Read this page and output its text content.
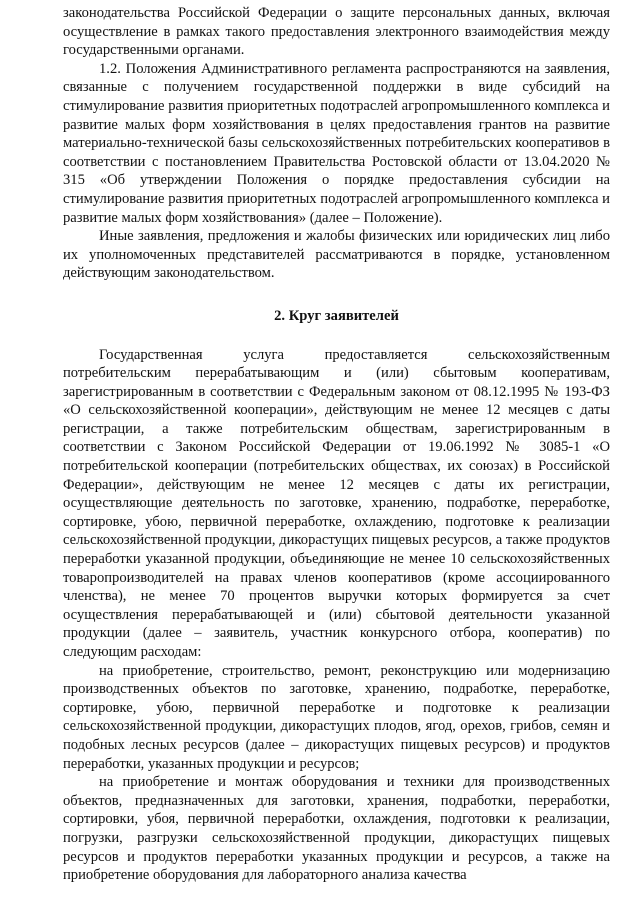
законодательства Российской Федерации о защите персональных данных, включая осуществление в рамках такого предоставления электронного взаимодействия между государственными органами.

1.2. Положения Административного регламента распространяются на заявления, связанные с получением государственной поддержки в виде субсидий на стимулирование развития приоритетных подотраслей агропромышленного комплекса и развитие малых форм хозяйствования в целях предоставления грантов на развитие материально-технической базы сельскохозяйственных потребительских кооперативов в соответствии с постановлением Правительства Ростовской области от 13.04.2020 № 315 «Об утверждении Положения о порядке предоставления субсидии на стимулирование развития приоритетных подотраслей агропромышленного комплекса и развитие малых форм хозяйствования» (далее – Положение).

Иные заявления, предложения и жалобы физических или юридических лиц либо их уполномоченных представителей рассматриваются в порядке, установленном действующим законодательством.

2. Круг заявителей

Государственная услуга предоставляется сельскохозяйственным потребительским перерабатывающим и (или) сбытовым кооперативам, зарегистрированным в соответствии с Федеральным законом от 08.12.1995 № 193-ФЗ «О сельскохозяйственной кооперации», действующим не менее 12 месяцев с даты регистрации, а также потребительским обществам, зарегистрированным в соответствии с Законом Российской Федерации от 19.06.1992 № 3085-1 «О потребительской кооперации (потребительских обществах, их союзах) в Российской Федерации», действующим не менее 12 месяцев с даты их регистрации, осуществляющие деятельность по заготовке, хранению, подработке, переработке, сортировке, убою, первичной переработке, охлаждению, подготовке к реализации сельскохозяйственной продукции, дикорастущих пищевых ресурсов, а также продуктов переработки указанной продукции, объединяющие не менее 10 сельскохозяйственных товаропроизводителей на правах членов кооперативов (кроме ассоциированного членства), не менее 70 процентов выручки которых формируется за счет осуществления перерабатывающей и (или) сбытовой деятельности указанной продукции (далее – заявитель, участник конкурсного отбора, кооператив) по следующим расходам:

на приобретение, строительство, ремонт, реконструкцию или модернизацию производственных объектов по заготовке, хранению, подработке, переработке, сортировке, убою, первичной переработке и подготовке к реализации сельскохозяйственной продукции, дикорастущих плодов, ягод, орехов, грибов, семян и подобных лесных ресурсов (далее – дикорастущих пищевых ресурсов) и продуктов переработки, указанных продукции и ресурсов;

на приобретение и монтаж оборудования и техники для производственных объектов, предназначенных для заготовки, хранения, подработки, переработки, сортировки, убоя, первичной переработки, охлаждения, подготовки к реализации, погрузки, разгрузки сельскохозяйственной продукции, дикорастущих пищевых ресурсов и продуктов переработки указанных продукции и ресурсов, а также на приобретение оборудования для лабораторного анализа качества
